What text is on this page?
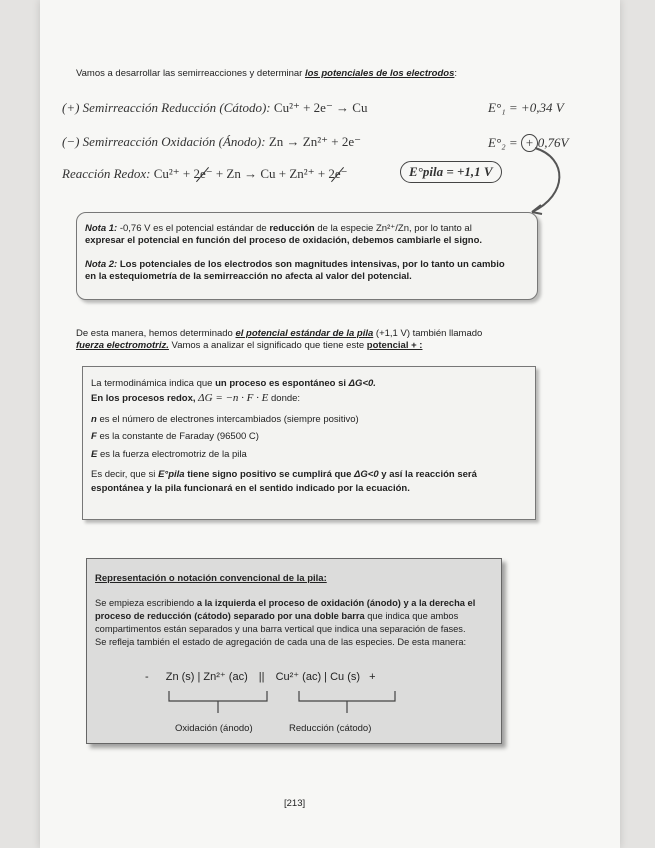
Vamos a desarrollar las semirreacciones y determinar los potenciales de los electrodos:
(+) Semirreacción Reducción (Cátodo): Cu²⁺ + 2e⁻ → Cu	E°₁ = +0,34 V
(−) Semirreacción Oxidación (Ánodo): Zn → Zn²⁺ + 2e⁻	E°₂ = + 0,76V
Reacción Redox: Cu²⁺ + 2e⁻ + Zn → Cu + Zn²⁺ + 2e⁻	E°pila = +1,1 V
Nota 1: -0,76 V es el potencial estándar de reducción de la especie Zn²⁺/Zn, por lo tanto al
expresar el potencial en función del proceso de oxidación, debemos cambiarle el signo.
Nota 2: Los potenciales de los electrodos son magnitudes intensivas, por lo tanto un cambio
en la estequiometría de la semirreacción no afecta al valor del potencial.
De esta manera, hemos determinado el potencial estándar de la pila (+1,1 V) también llamado
fuerza electromotriz. Vamos a analizar el significado que tiene este potencial + :
La termodinámica indica que un proceso es espontáneo si ΔG<0.
En los procesos redox, ΔG = −n · F · E donde:
n es el número de electrones intercambiados (siempre positivo)
F es la constante de Faraday (96500 C)
E es la fuerza electromotriz de la pila
Es decir, que si E°pila tiene signo positivo se cumplirá que ΔG<0 y así la reacción será
espontánea y la pila funcionará en el sentido indicado por la ecuación.
Representación o notación convencional de la pila:
Se empieza escribiendo a la izquierda el proceso de oxidación (ánodo) y a la derecha el
proceso de reducción (cátodo) separado por una doble barra que indica que ambos
compartimentos están separados y una barra vertical que indica una separación de fases.
Se refleja también el estado de agregación de cada una de las especies. De esta manera:
- Zn (s) | Zn²⁺ (ac) || Cu²⁺ (ac) | Cu (s) +
Oxidación (ánodo)	Reducción (cátodo)
[213]
